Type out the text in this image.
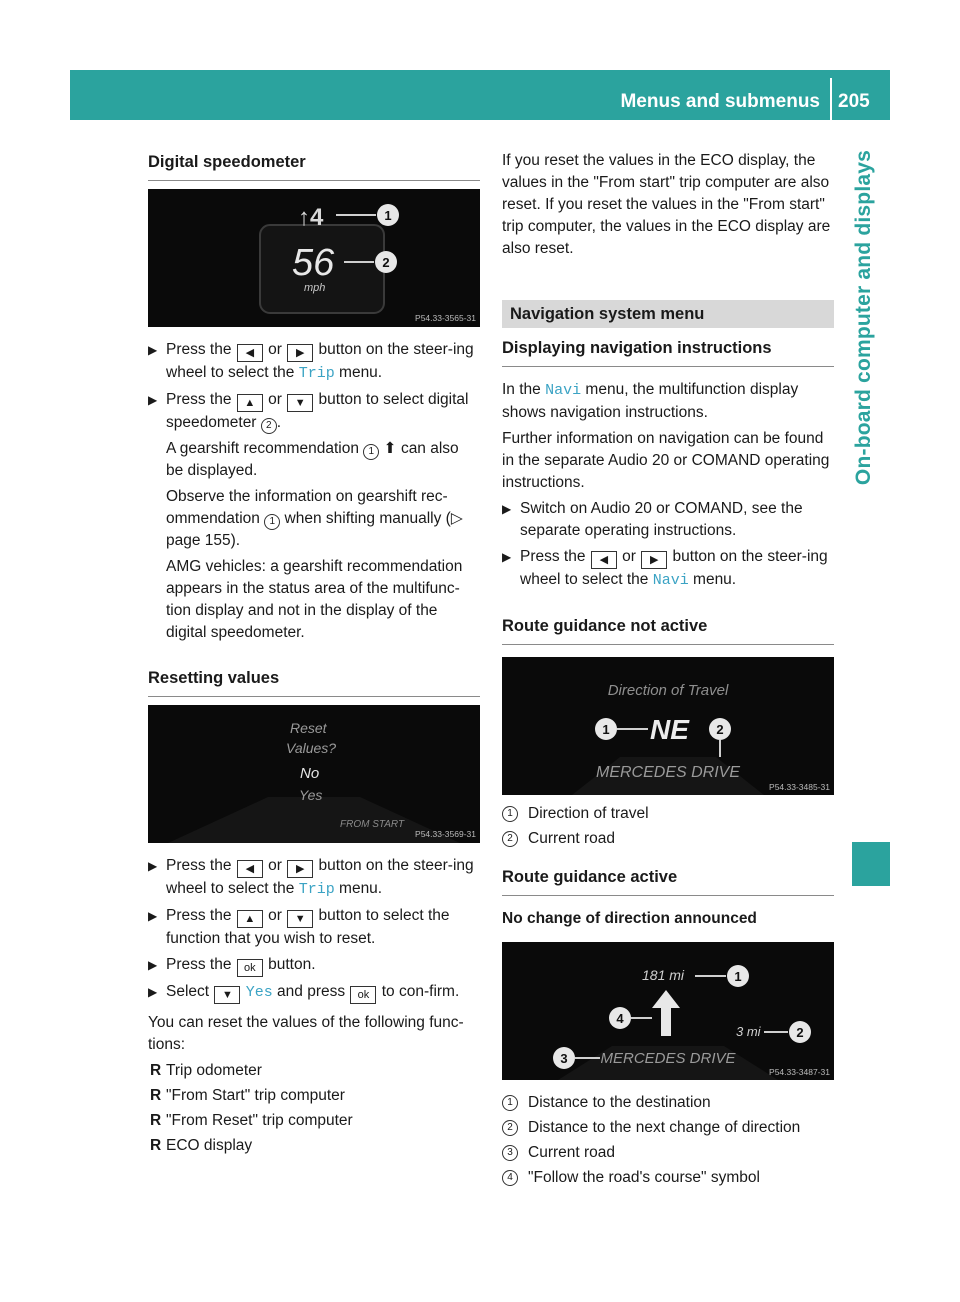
Menus and submenus 205
On-board computer and displays
Digital speedometer
↑4	1
56	2
mph
P54.33-3565-31
▶ Press the ◀ or ▶ button on the steer-ing wheel to select the Trip menu.
▶ Press the ▲ or ▼ button to select digital speedometer 2 .

A gearshift recommendation 1 ⬆ can also be displayed.

Observe the information on gearshift rec-ommendation 1 when shifting manually (▷ page 155).

AMG vehicles: a gearshift recommendation appears in the status area of the multifunc-tion display and not in the display of the digital speedometer.

Resetting values
Reset
Values?
No
Yes
FROM START
P54.33-3569-31
▶ Press the ◀ or ▶ button on the steer-ing wheel to select the Trip menu.
▶ Press the ▲ or ▼ button to select the function that you wish to reset.
▶ Press the ok button.
▶ Select ▼ Yes and press ok to con-firm.

You can reset the values of the following func-tions:

R Trip odometer
R "From Start" trip computer
R "From Reset" trip computer
R ECO display

If you reset the values in the ECO display, the values in the "From start" trip computer are also reset. If you reset the values in the "From start" trip computer, the values in the ECO display are also reset.

Navigation system menu
Displaying navigation instructions

In the Navi menu, the multifunction display shows navigation instructions.

Further information on navigation can be found in the separate Audio 20 or COMAND operating instructions.

▶ Switch on Audio 20 or COMAND, see the separate operating instructions.
▶ Press the ◀ or ▶ button on the steer-ing wheel to select the Navi menu.
Route guidance not active
Direction of Travel
1 NE 2
MERCEDES DRIVE
P54.33-3485-31
1 Direction of travel
2 Current road
Route guidance active
No change of direction announced
181 mi	1
4
3 mi	2
3 MERCEDES DRIVE
P54.33-3487-31
1 Distance to the destination
2 Distance to the next change of direction
3 Current road
4 "Follow the road's course" symbol
